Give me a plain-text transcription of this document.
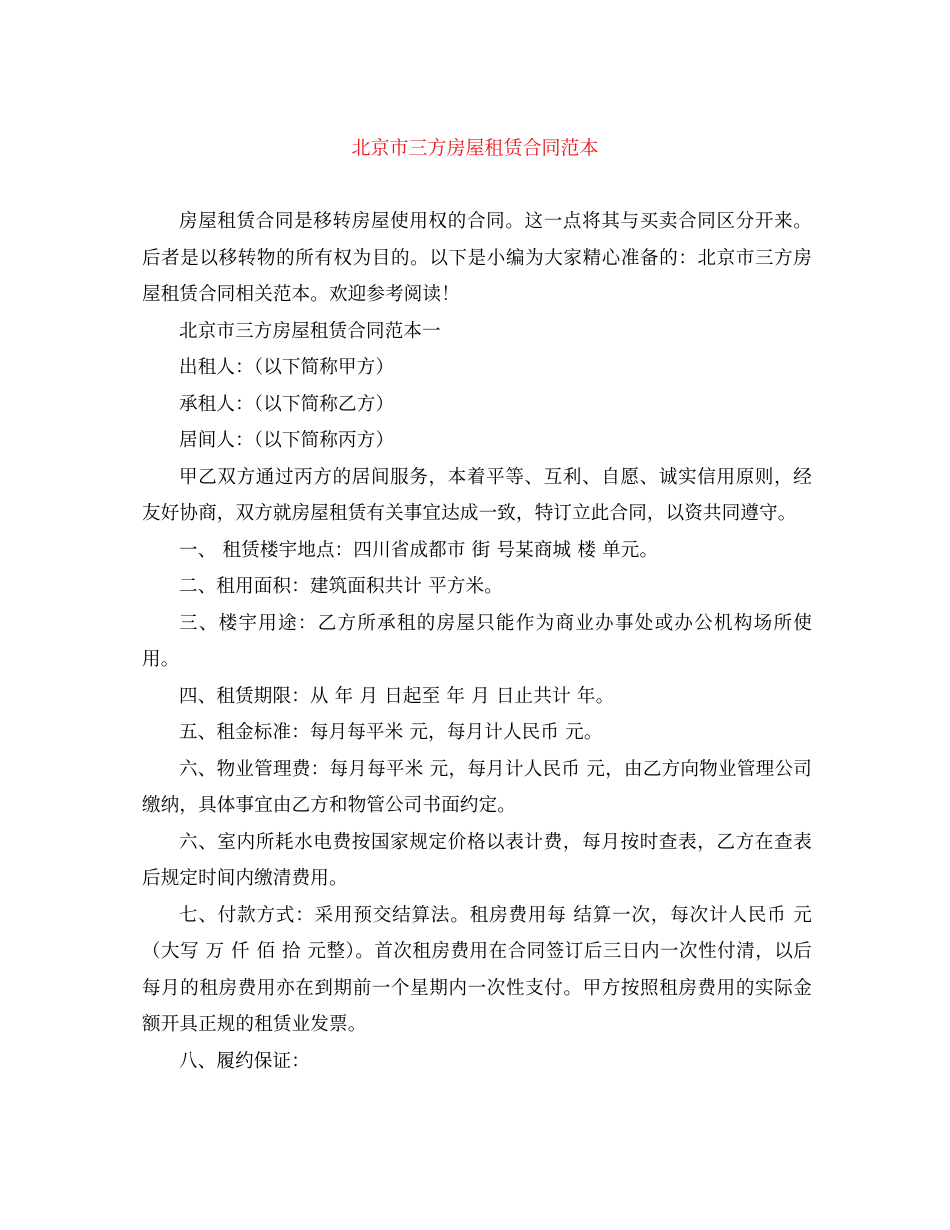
北京市三方房屋租赁合同范本

房屋租赁合同是移转房屋使用权的合同。这一点将其与买卖合同区分开来。后者是以移转物的所有权为目的。以下是小编为大家精心准备的：北京市三方房屋租赁合同相关范本。欢迎参考阅读！

北京市三方房屋租赁合同范本一

出租人：（以下简称甲方）

承租人：（以下简称乙方）

居间人：（以下简称丙方）

甲乙双方通过丙方的居间服务，本着平等、互利、自愿、诚实信用原则，经友好协商，双方就房屋租赁有关事宜达成一致，特订立此合同，以资共同遵守。

一、 租赁楼宇地点：四川省成都市 街 号某商城 楼 单元。

二、租用面积：建筑面积共计 平方米。

三、楼宇用途：乙方所承租的房屋只能作为商业办事处或办公机构场所使用。

四、租赁期限：从 年 月 日起至 年 月 日止共计 年。

五、租金标准：每月每平米 元，每月计人民币 元。

六、物业管理费：每月每平米 元，每月计人民币 元，由乙方向物业管理公司缴纳，具体事宜由乙方和物管公司书面约定。

六、室内所耗水电费按国家规定价格以表计费，每月按时查表，乙方在查表后规定时间内缴清费用。

七、付款方式：采用预交结算法。租房费用每 结算一次，每次计人民币 元（大写 万 仟 佰 拾 元整）。首次租房费用在合同签订后三日内一次性付清，以后每月的租房费用亦在到期前一个星期内一次性支付。甲方按照租房费用的实际金额开具正规的租赁业发票。

八、履约保证：
